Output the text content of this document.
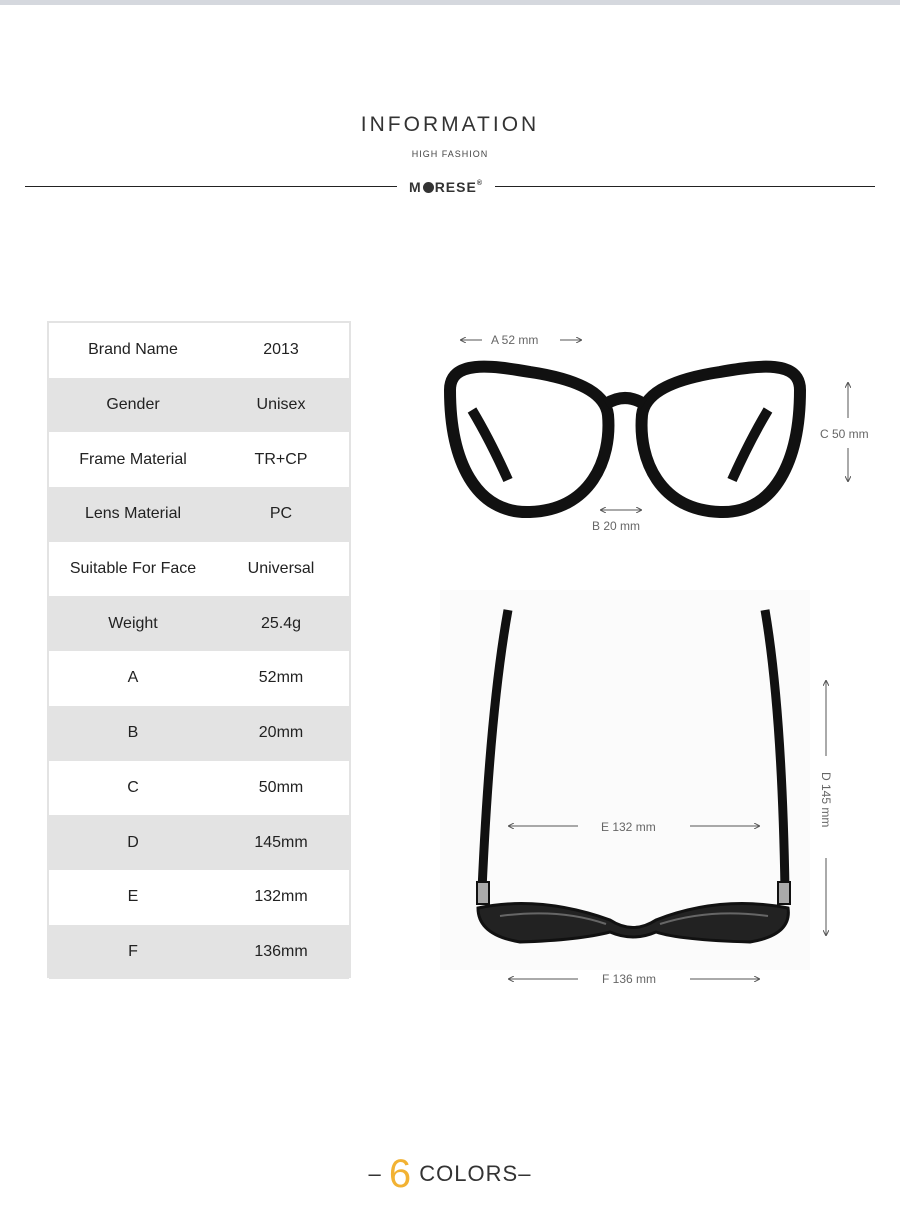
INFORMATION
HIGH FASHION
M RESE®
Brand Name	2013
Gender	Unisex
Frame Material	TR+CP
Lens Material	PC
Suitable For Face	Universal
Weight	25.4g
A	52mm
B	20mm
C	50mm
D	145mm
E	132mm
F	136mm
A 52 mm
B 20 mm
C 50 mm
E 132 mm
F 136 mm
D 145 mm
– 6 COLORS–
